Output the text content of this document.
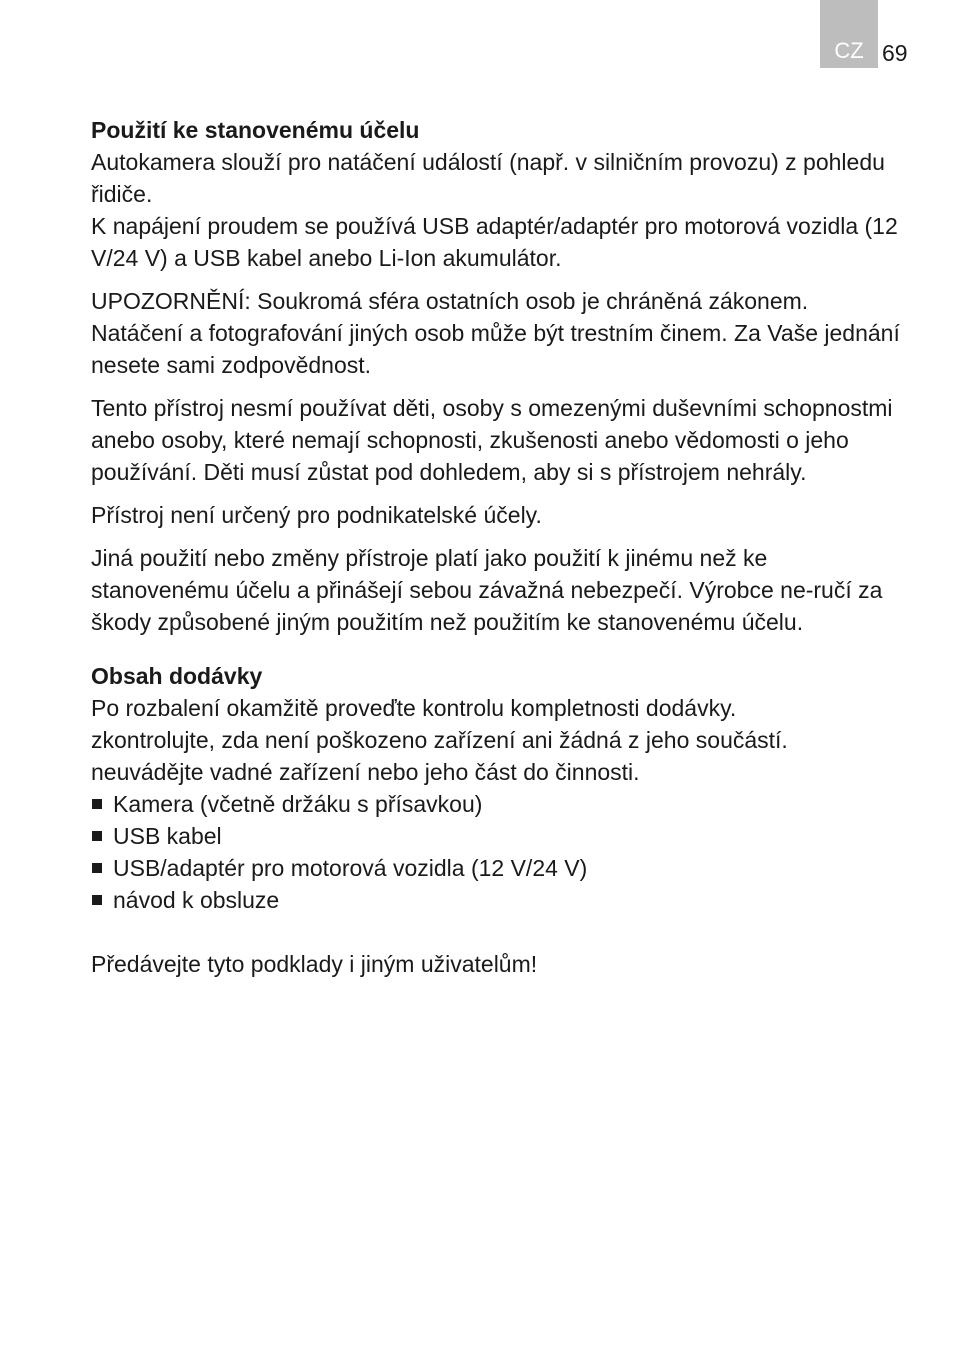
CZ 69
Použití ke stanovenému účelu

Autokamera slouží pro natáčení událostí (např. v silničním provozu) z pohledu řidiče.

K napájení proudem se používá USB adaptér/adaptér pro motorová vozidla (12 V/24 V) a USB kabel anebo Li-Ion akumulátor.

UPOZORNĚNÍ: Soukromá sféra ostatních osob je chráněná zákonem. Natáčení a fotografování jiných osob může být trestním činem. Za Vaše jednání nesete sami zodpovědnost.

Tento přístroj nesmí používat děti, osoby s omezenými duševními schopnostmi anebo osoby, které nemají schopnosti, zkušenosti anebo vědomosti o jeho používání. Děti musí zůstat pod dohledem, aby si s přístrojem nehrály.

Přístroj není určený pro podnikatelské účely.

Jiná použití nebo změny přístroje platí jako použití k jinému než ke stanovenému účelu a přinášejí sebou závažná nebezpečí. Výrobce ne-ručí za škody způsobené jiným použitím než použitím ke stanovenému účelu.

Obsah dodávky

Po rozbalení okamžitě proveďte kontrolu kompletnosti dodávky.

zkontrolujte, zda není poškozeno zařízení ani žádná z jeho součástí.

neuvádějte vadné zařízení nebo jeho část do činnosti.

Kamera (včetně držáku s přísavkou)
USB kabel
USB/adaptér pro motorová vozidla (12 V/24 V)
návod k obsluze

Předávejte tyto podklady i jiným uživatelům!
